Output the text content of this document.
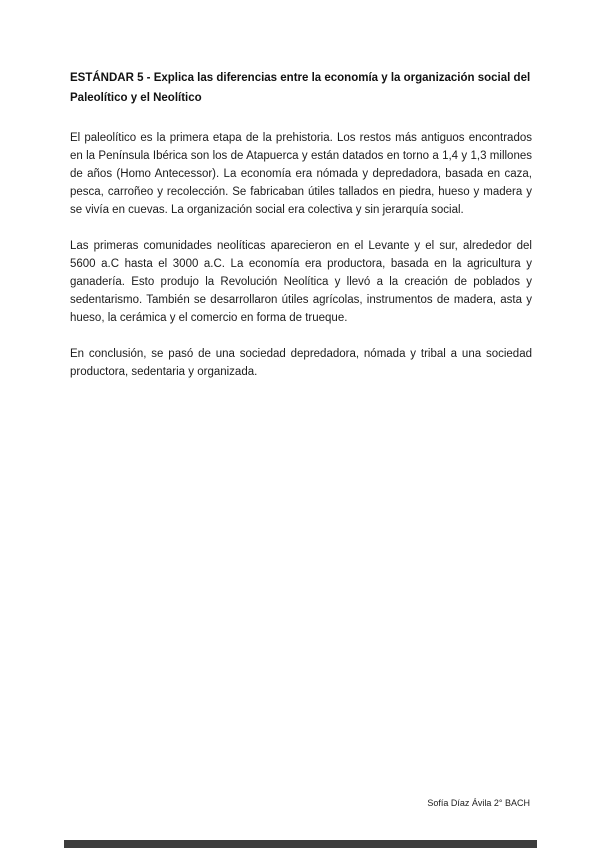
ESTÁNDAR 5 - Explica las diferencias entre la economía y la organización social del Paleolítico y el Neolítico

El paleolítico es la primera etapa de la prehistoria. Los restos más antiguos encontrados en la Península Ibérica son los de Atapuerca y están datados en torno a 1,4 y 1,3 millones de años (Homo Antecessor). La economía era nómada y depredadora, basada en caza, pesca, carroñeo y recolección. Se fabricaban útiles tallados en piedra, hueso y madera y se vivía en cuevas. La organización social era colectiva y sin jerarquía social.

Las primeras comunidades neolíticas aparecieron en el Levante y el sur, alrededor del 5600 a.C hasta el 3000 a.C. La economía era productora, basada en la agricultura y ganadería. Esto produjo la Revolución Neolítica y llevó a la creación de poblados y sedentarismo. También se desarrollaron útiles agrícolas, instrumentos de madera, asta y hueso, la cerámica y el comercio en forma de trueque.

En conclusión, se pasó de una sociedad depredadora, nómada y tribal a una sociedad productora, sedentaria y organizada.

Sofía Díaz Ávila 2° BACH
